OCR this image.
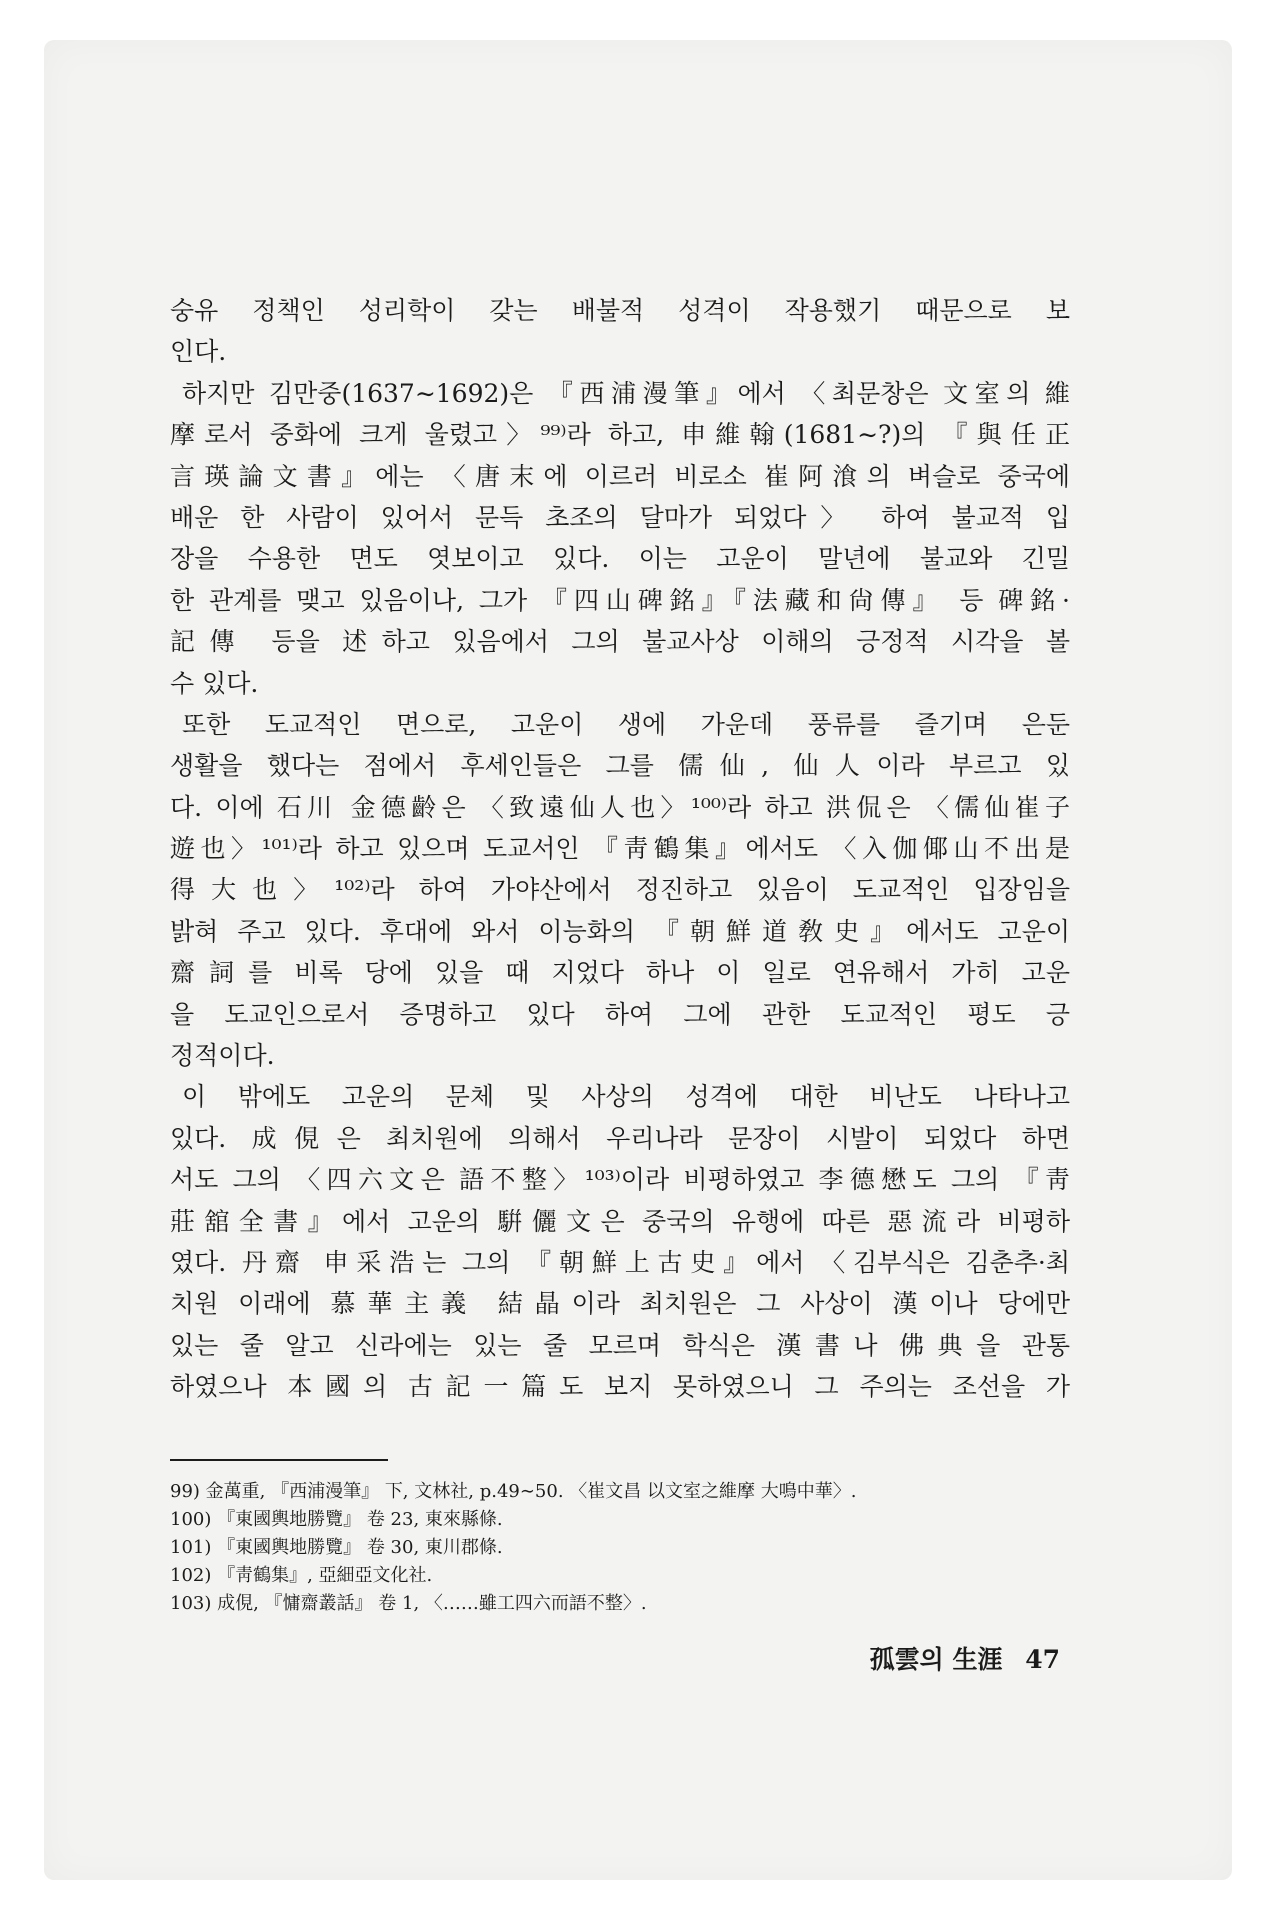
숭유 정책인 성리학이 갖는 배불적 성격이 작용했기 때문으로 보
인다.
하지만 김만중(1637∼1692)은 『西浦漫筆』에서 〈최문창은 文室의 維
摩로서 중화에 크게 울렸고〉⁹⁹⁾라 하고, 申維翰(1681∼?)의 『與任正
言瑛論文書』에는 〈唐末에 이르러 비로소 崔阿湌의 벼슬로 중국에
배운 한 사람이 있어서 문득 초조의 달마가 되었다〉 하여 불교적 입
장을 수용한 면도 엿보이고 있다. 이는 고운이 말년에 불교와 긴밀
한 관계를 맺고 있음이나, 그가 『四山碑銘』『法藏和尙傳』 등 碑銘·
記傳 등을 述하고 있음에서 그의 불교사상 이해의 긍정적 시각을 볼
수 있다.
또한 도교적인 면으로, 고운이 생에 가운데 풍류를 즐기며 은둔
생활을 했다는 점에서 후세인들은 그를 儒仙, 仙人이라 부르고 있
다. 이에 石川 金德齡은 〈致遠仙人也〉¹⁰⁰⁾라 하고 洪侃은 〈儒仙崔子
遊也〉¹⁰¹⁾라 하고 있으며 도교서인 『靑鶴集』에서도 〈入伽倻山不出是
得大也〉¹⁰²⁾라 하여 가야산에서 정진하고 있음이 도교적인 입장임을
밝혀 주고 있다. 후대에 와서 이능화의 『朝鮮道敎史』에서도 고운이
齋詞를 비록 당에 있을 때 지었다 하나 이 일로 연유해서 가히 고운
을 도교인으로서 증명하고 있다 하여 그에 관한 도교적인 평도 긍
정적이다.
이 밖에도 고운의 문체 및 사상의 성격에 대한 비난도 나타나고
있다. 成俔은 최치원에 의해서 우리나라 문장이 시발이 되었다 하면
서도 그의 〈四六文은 語不整〉¹⁰³⁾이라 비평하였고 李德懋도 그의 『靑
莊舘全書』에서 고운의 騈儷文은 중국의 유행에 따른 惡流라 비평하
였다. 丹齋 申采浩는 그의 『朝鮮上古史』에서 〈김부식은 김춘추·최
치원 이래에 慕華主義 結晶이라 최치원은 그 사상이 漢이나 당에만
있는 줄 알고 신라에는 있는 줄 모르며 학식은 漢書나 佛典을 관통
하였으나 本國의 古記一篇도 보지 못하였으니 그 주의는 조선을 가
99) 金萬重, 『西浦漫筆』 下, 文林社, p.49∼50. 〈崔文昌 以文室之維摩 大鳴中華〉.
100) 『東國輿地勝覽』 卷 23, 東來縣條.
101) 『東國輿地勝覽』 卷 30, 東川郡條.
102) 『靑鶴集』, 亞細亞文化社.
103) 成俔, 『慵齋叢話』 卷 1, 〈……雖工四六而語不整〉.
孤雲의 生涯 47
